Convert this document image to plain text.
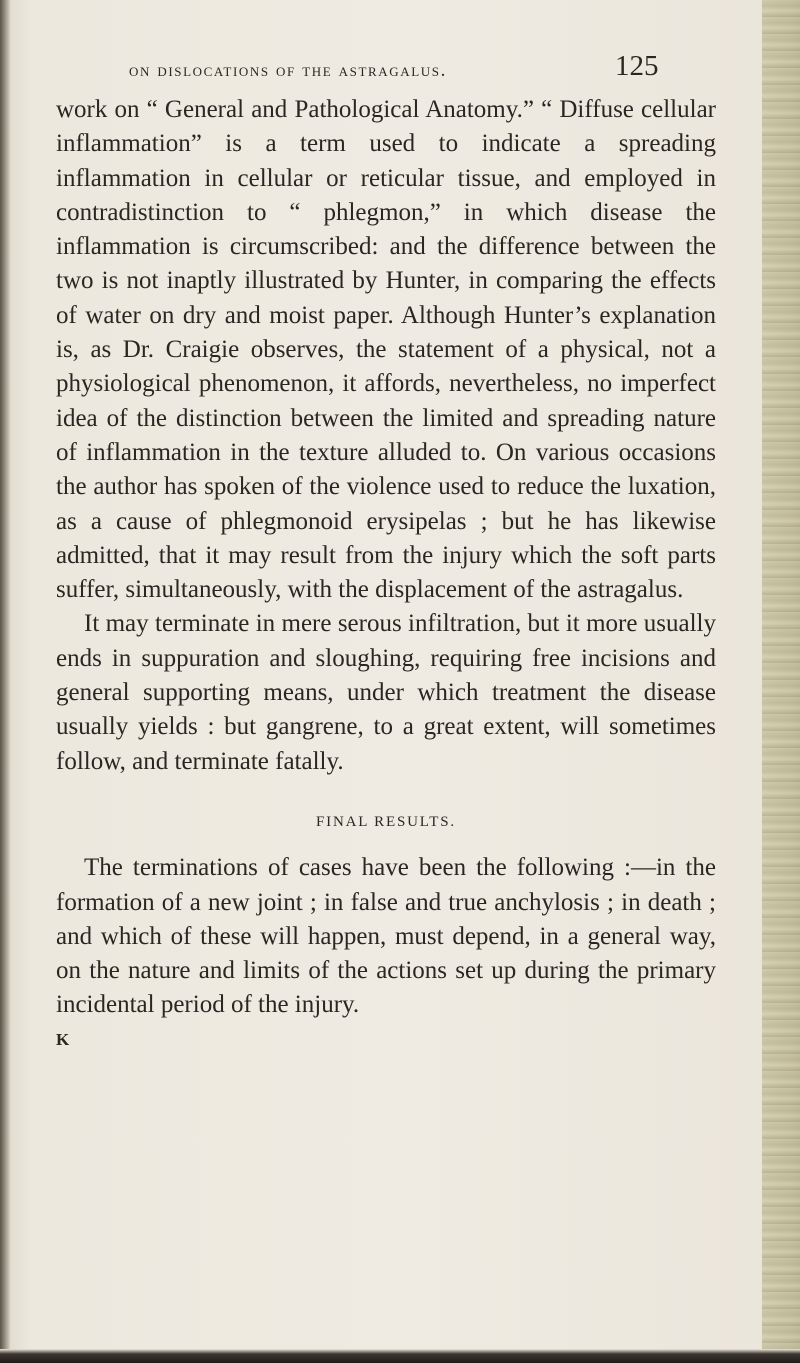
on dislocations of the astragalus.	125

work on “ General and Pathological Anatomy.” “ Diffuse cellular inflammation” is a term used to indicate a spreading inflammation in cellular or reticular tissue, and employed in contradistinction to “ phlegmon,” in which disease the inflammation is circumscribed: and the difference between the two is not inaptly illustrated by Hunter, in comparing the effects of water on dry and moist paper. Although Hunter’s explanation is, as Dr. Craigie observes, the statement of a physical, not a physiological phenomenon, it affords, nevertheless, no imperfect idea of the distinction between the limited and spreading nature of inflammation in the texture alluded to. On various occasions the author has spoken of the violence used to reduce the luxation, as a cause of phlegmonoid erysipelas ; but he has likewise admitted, that it may result from the injury which the soft parts suffer, simultaneously, with the displacement of the astragalus.

It may terminate in mere serous infiltration, but it more usually ends in suppuration and sloughing, requiring free incisions and general supporting means, under which treatment the disease usually yields : but gangrene, to a great extent, will sometimes follow, and terminate fatally.

FINAL RESULTS.

The terminations of cases have been the following :—in the formation of a new joint ; in false and true anchylosis ; in death ; and which of these will happen, must depend, in a general way, on the nature and limits of the actions set up during the primary incidental period of the injury.

K
